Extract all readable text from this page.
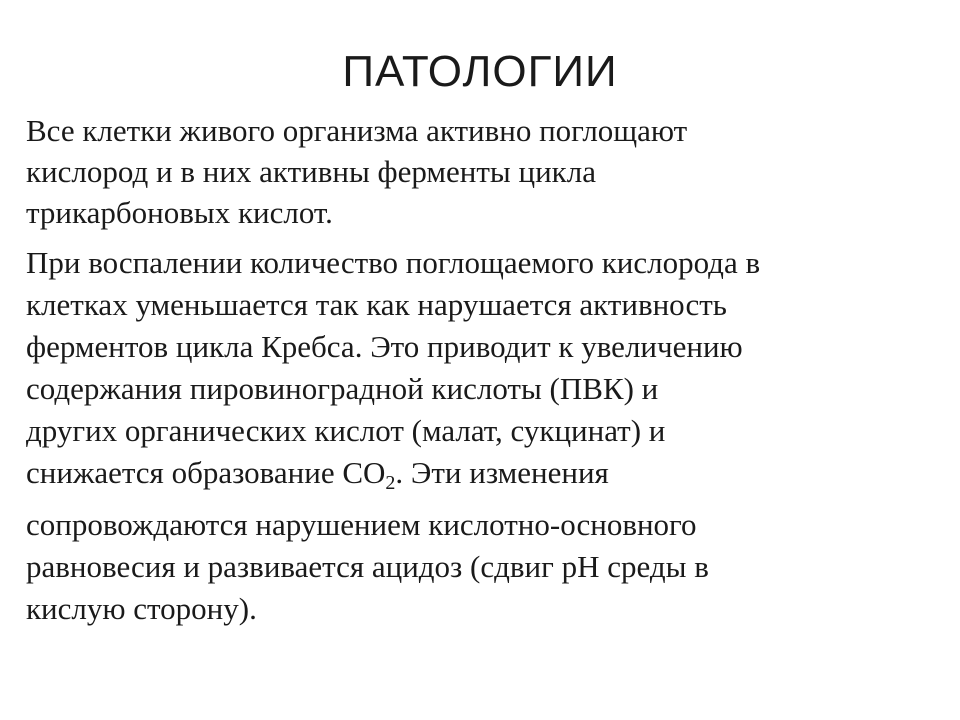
ПАТОЛОГИИ

Все клетки живого организма активно поглощают
кислород и в них активны ферменты цикла
трикарбоновых кислот.

При воспалении количество поглощаемого кислорода в
клетках уменьшается так как нарушается активность
ферментов цикла Кребса. Это приводит к увеличению
содержания пировиноградной кислоты (ПВК) и
других органических кислот (малат, сукцинат) и
снижается образование $СО_2$. Эти изменения
сопровождаются нарушением кислотно-основного
равновесия и развивается ацидоз (сдвиг рН среды в
кислую сторону).
